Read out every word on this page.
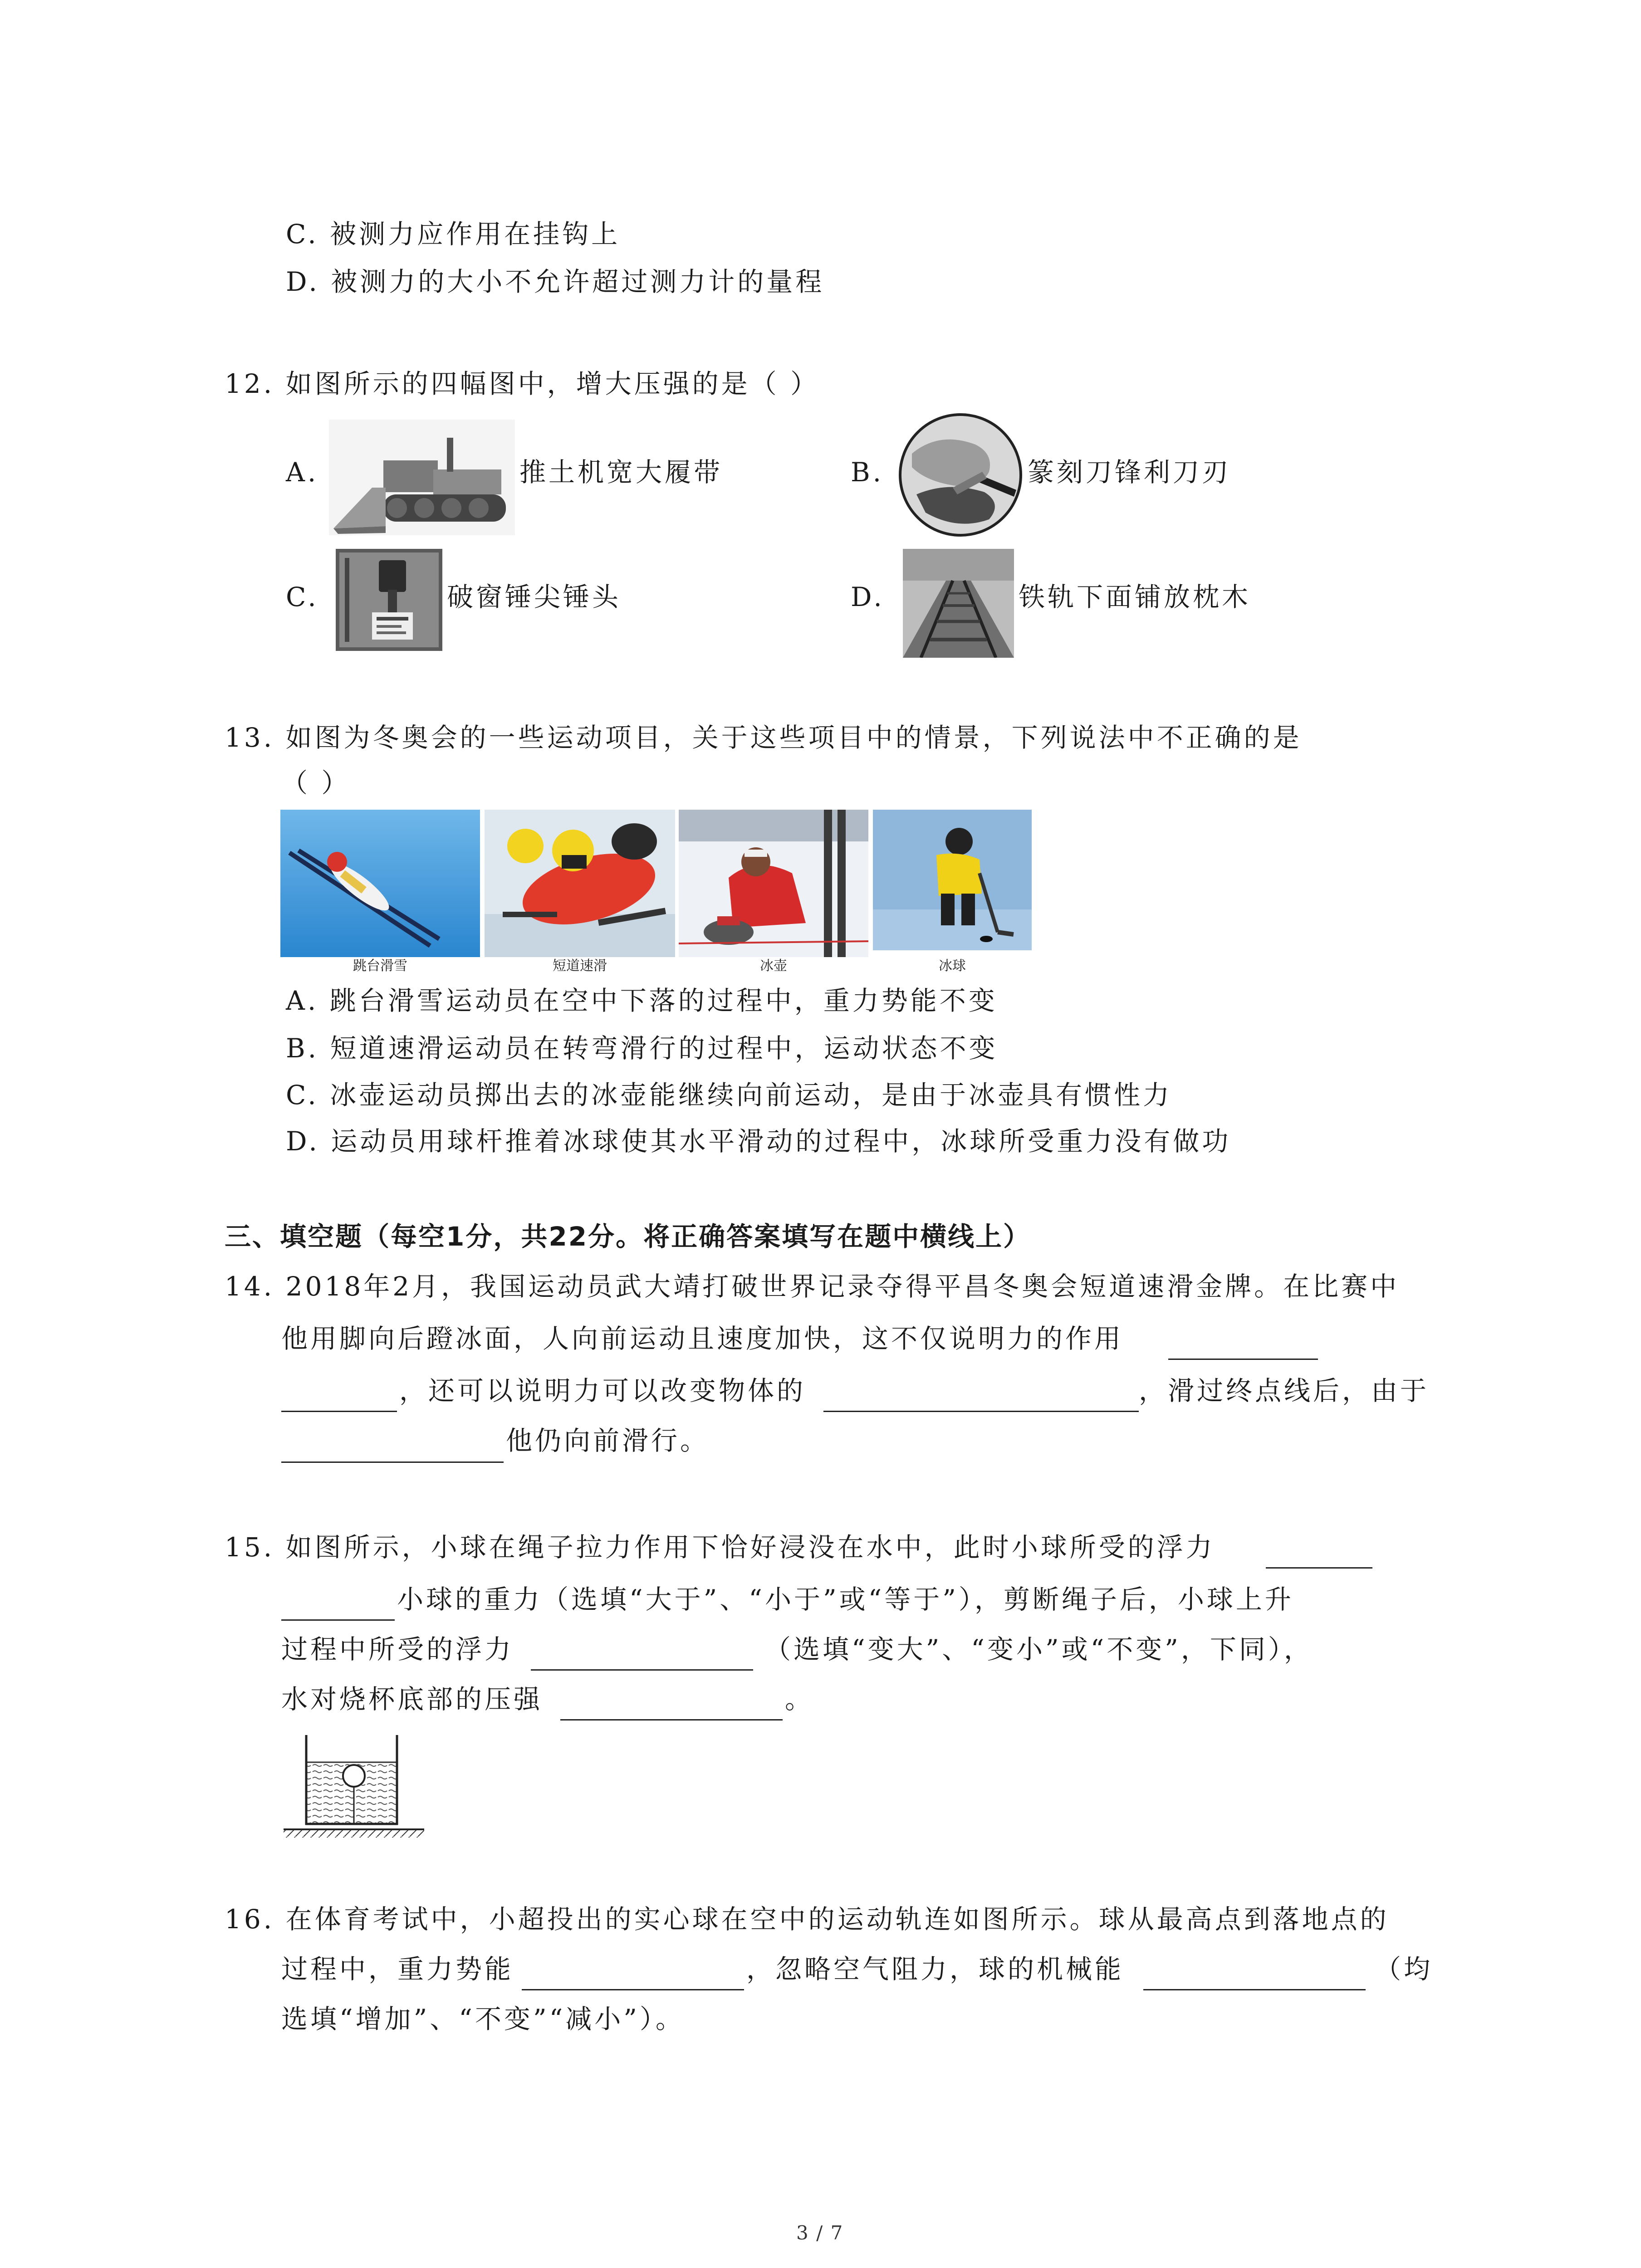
C. 被测力应作用在挂钩上
D. 被测力的大小不允许超过测力计的量程
12. 如图所示的四幅图中，增大压强的是（ ）
A.	推土机宽大履带	B.	篆刻刀锋利刀刃
C.	破窗锤尖锤头	D.	铁轨下面铺放枕木
13. 如图为冬奥会的一些运动项目，关于这些项目中的情景，下列说法中不正确的是
（ ）
跳台滑雪	短道速滑	冰壶	冰球
A. 跳台滑雪运动员在空中下落的过程中，重力势能不变
B. 短道速滑运动员在转弯滑行的过程中，运动状态不变
C. 冰壶运动员掷出去的冰壶能继续向前运动，是由于冰壶具有惯性力
D. 运动员用球杆推着冰球使其水平滑动的过程中，冰球所受重力没有做功
三、填空题（每空1分，共22分。将正确答案填写在题中横线上）
14. 2018年2月，我国运动员武大靖打破世界记录夺得平昌冬奥会短道速滑金牌。在比赛中
他用脚向后蹬冰面，人向前运动且速度加快，这不仅说明力的作用
，还可以说明力可以改变物体的	，滑过终点线后，由于
他仍向前滑行。
15. 如图所示，小球在绳子拉力作用下恰好浸没在水中，此时小球所受的浮力
小球的重力（选填“大于”、“小于”或“等于”），剪断绳子后，小球上升
过程中所受的浮力	（选填“变大”、“变小”或“不变”，下同），
水对烧杯底部的压强	。
16. 在体育考试中，小超投出的实心球在空中的运动轨连如图所示。球从最高点到落地点的
过程中，重力势能	，忽略空气阻力，球的机械能	（均
选填“增加”、“不变”“减小”）。
3 / 7
